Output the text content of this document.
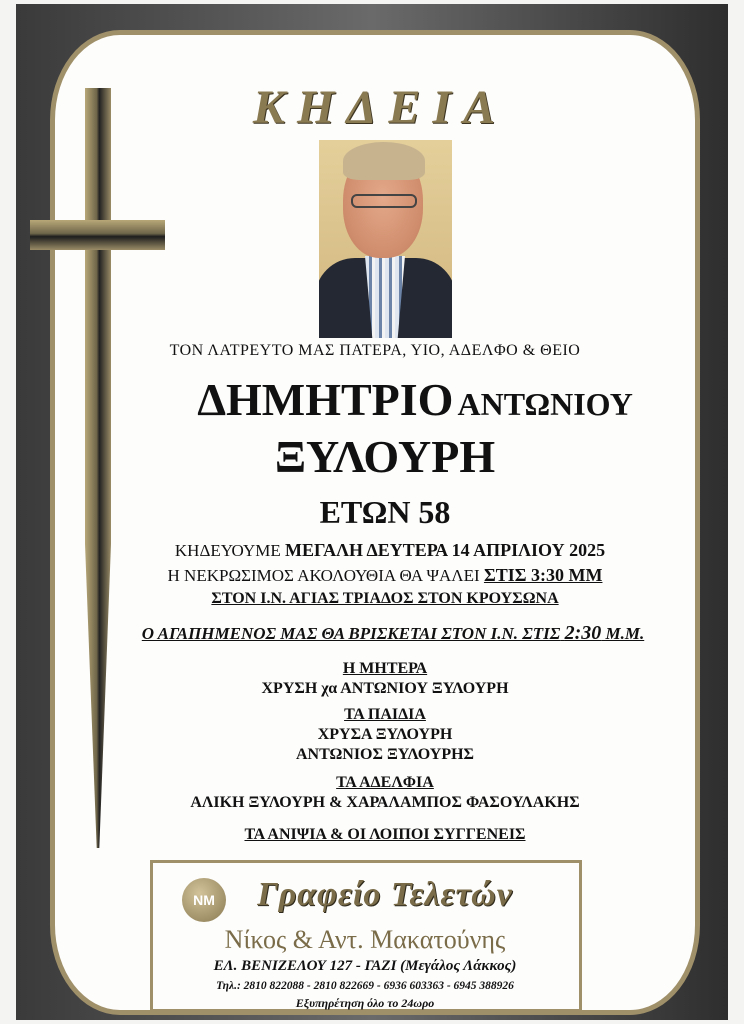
ΚΗΔΕΙΑ
ΤΟΝ ΛΑΤΡΕΥΤΟ ΜΑΣ ΠΑΤΕΡΑ, ΥΙΟ, ΑΔΕΛΦΟ & ΘΕΙΟ
ΔΗΜΗΤΡΙΟ ΑΝΤΩΝΙΟΥ
ΞΥΛΟΥΡΗ
ΕΤΩΝ 58
ΚΗΔΕΥΟΥΜΕ ΜΕΓΑΛΗ ΔΕΥΤΕΡΑ 14 ΑΠΡΙΛΙΟΥ 2025
Η ΝΕΚΡΩΣΙΜΟΣ ΑΚΟΛΟΥΘΙΑ ΘΑ ΨΑΛΕΙ ΣΤΙΣ 3:30 ΜΜ
ΣΤΟΝ Ι.Ν. ΑΓΙΑΣ ΤΡΙΑΔΟΣ ΣΤΟΝ ΚΡΟΥΣΩΝΑ
Ο ΑΓΑΠΗΜΕΝΟΣ ΜΑΣ ΘΑ ΒΡΙΣΚΕΤΑΙ ΣΤΟΝ Ι.Ν. ΣΤΙΣ 2:30 Μ.Μ.
Η ΜΗΤΕΡΑ
ΧΡΥΣΗ χα ΑΝΤΩΝΙΟΥ ΞΥΛΟΥΡΗ
ΤΑ ΠΑΙΔΙΑ
ΧΡΥΣΑ ΞΥΛΟΥΡΗ
ΑΝΤΩΝΙΟΣ ΞΥΛΟΥΡΗΣ
ΤΑ ΑΔΕΛΦΙΑ
ΑΛΙΚΗ ΞΥΛΟΥΡΗ & ΧΑΡΑΛΑΜΠΟΣ ΦΑΣΟΥΛΑΚΗΣ
ΤΑ ΑΝΙΨΙΑ & ΟΙ ΛΟΙΠΟΙ ΣΥΓΓΕΝΕΙΣ
ΝΜ	Γραφείο Τελετών
Νίκος & Αντ. Μακατούνης
ΕΛ. ΒΕΝΙΖΕΛΟΥ 127 - ΓΑΖΙ (Μεγάλος Λάκκος)
Τηλ.: 2810 822088 - 2810 822669 - 6936 603363 - 6945 388926
Εξυπηρέτηση όλο το 24ωρο
